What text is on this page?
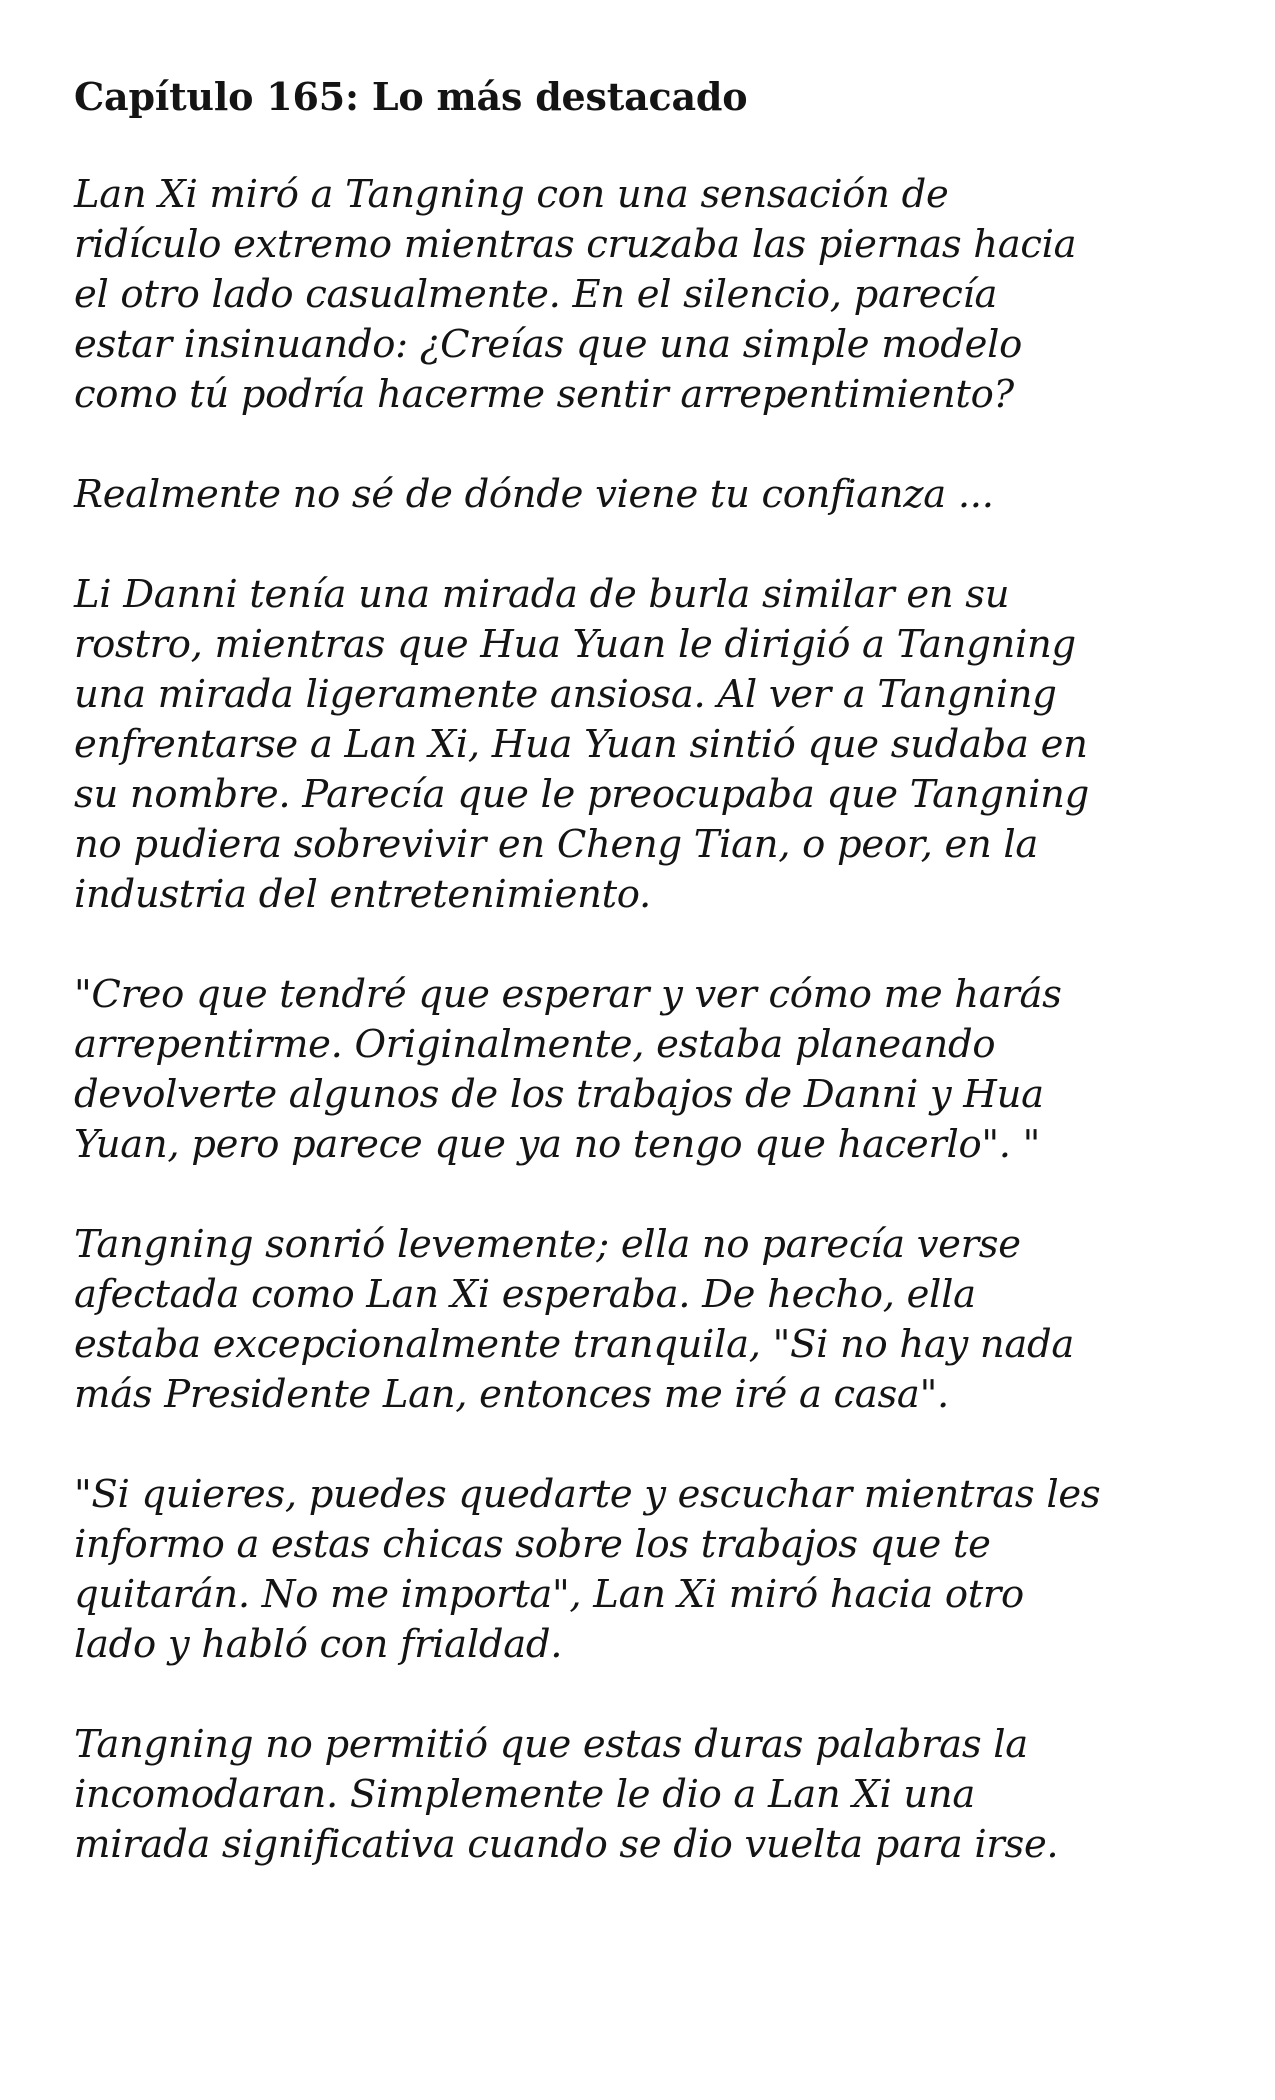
Capítulo 165: Lo más destacado

Lan Xi miró a Tangning con una sensación de
ridículo extremo mientras cruzaba las piernas hacia
el otro lado casualmente. En el silencio, parecía
estar insinuando: ¿Creías que una simple modelo
como tú podría hacerme sentir arrepentimiento?

Realmente no sé de dónde viene tu confianza ...

Li Danni tenía una mirada de burla similar en su
rostro, mientras que Hua Yuan le dirigió a Tangning
una mirada ligeramente ansiosa. Al ver a Tangning
enfrentarse a Lan Xi, Hua Yuan sintió que sudaba en
su nombre. Parecía que le preocupaba que Tangning
no pudiera sobrevivir en Cheng Tian, o peor, en la
industria del entretenimiento.

"Creo que tendré que esperar y ver cómo me harás
arrepentirme. Originalmente, estaba planeando
devolverte algunos de los trabajos de Danni y Hua
Yuan, pero parece que ya no tengo que hacerlo". "

Tangning sonrió levemente; ella no parecía verse
afectada como Lan Xi esperaba. De hecho, ella
estaba excepcionalmente tranquila, "Si no hay nada
más Presidente Lan, entonces me iré a casa".

"Si quieres, puedes quedarte y escuchar mientras les
informo a estas chicas sobre los trabajos que te
quitarán. No me importa", Lan Xi miró hacia otro
lado y habló con frialdad.

Tangning no permitió que estas duras palabras la
incomodaran. Simplemente le dio a Lan Xi una
mirada significativa cuando se dio vuelta para irse.
